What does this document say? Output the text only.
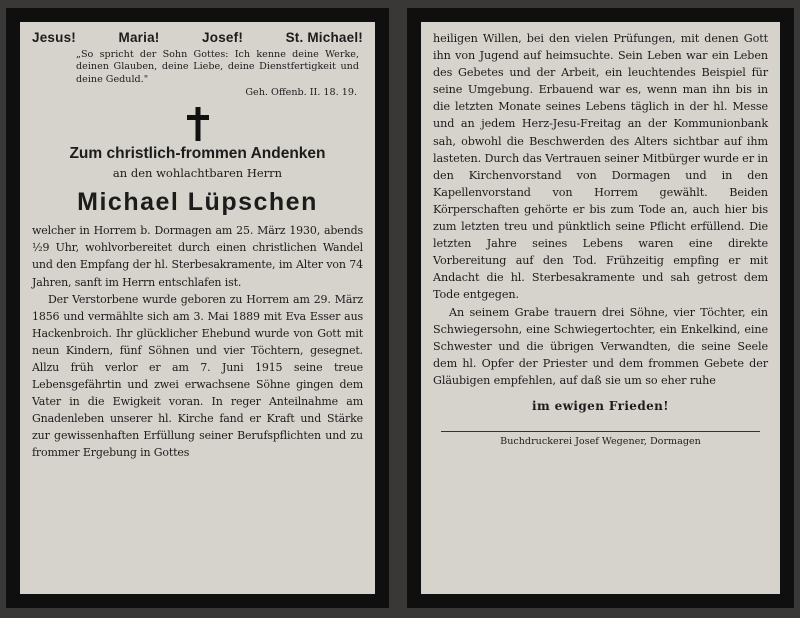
Jesus!	Maria!	Josef!	St. Michael!

„So spricht der Sohn Gottes: Ich kenne deine Werke, deinen Glauben, deine Liebe, deine Dienstfertigkeit und deine Geduld."

Geh. Offenb. II. 18. 19.

Zum christlich-frommen Andenken
an den wohlachtbaren Herrn
Michael Lüpschen

welcher in Horrem b. Dormagen am 25. März 1930, abends ½9 Uhr, wohlvorbereitet durch einen christlichen Wandel und den Empfang der hl. Sterbesakramente, im Alter von 74 Jahren, sanft im Herrn entschlafen ist.

Der Verstorbene wurde geboren zu Horrem am 29. März 1856 und vermählte sich am 3. Mai 1889 mit Eva Esser aus Hackenbroich. Ihr glücklicher Ehebund wurde von Gott mit neun Kindern, fünf Söhnen und vier Töchtern, gesegnet. Allzu früh verlor er am 7. Juni 1915 seine treue Lebensgefährtin und zwei erwachsene Söhne gingen dem Vater in die Ewigkeit voran. In reger Anteilnahme am Gnadenleben unserer hl. Kirche fand er Kraft und Stärke zur gewissenhaften Erfüllung seiner Berufspflichten und zu frommer Ergebung in Gottes

heiligen Willen, bei den vielen Prüfungen, mit denen Gott ihn von Jugend auf heimsuchte. Sein Leben war ein Leben des Gebetes und der Arbeit, ein leuchtendes Beispiel für seine Umgebung. Erbauend war es, wenn man ihn bis in die letzten Monate seines Lebens täglich in der hl. Messe und an jedem Herz-Jesu-Freitag an der Kommunionbank sah, obwohl die Beschwerden des Alters sichtbar auf ihm lasteten. Durch das Vertrauen seiner Mitbürger wurde er in den Kirchenvorstand von Dormagen und in den Kapellenvorstand von Horrem gewählt. Beiden Körperschaften gehörte er bis zum Tode an, auch hier bis zum letzten treu und pünktlich seine Pflicht erfüllend. Die letzten Jahre seines Lebens waren eine direkte Vorbereitung auf den Tod. Frühzeitig empfing er mit Andacht die hl. Sterbesakramente und sah getrost dem Tode entgegen.

An seinem Grabe trauern drei Söhne, vier Töchter, ein Schwiegersohn, eine Schwiegertochter, ein Enkelkind, eine Schwester und die übrigen Verwandten, die seine Seele dem hl. Opfer der Priester und dem frommen Gebete der Gläubigen empfehlen, auf daß sie um so eher ruhe

im ewigen Frieden!
Buchdruckerei Josef Wegener, Dormagen
